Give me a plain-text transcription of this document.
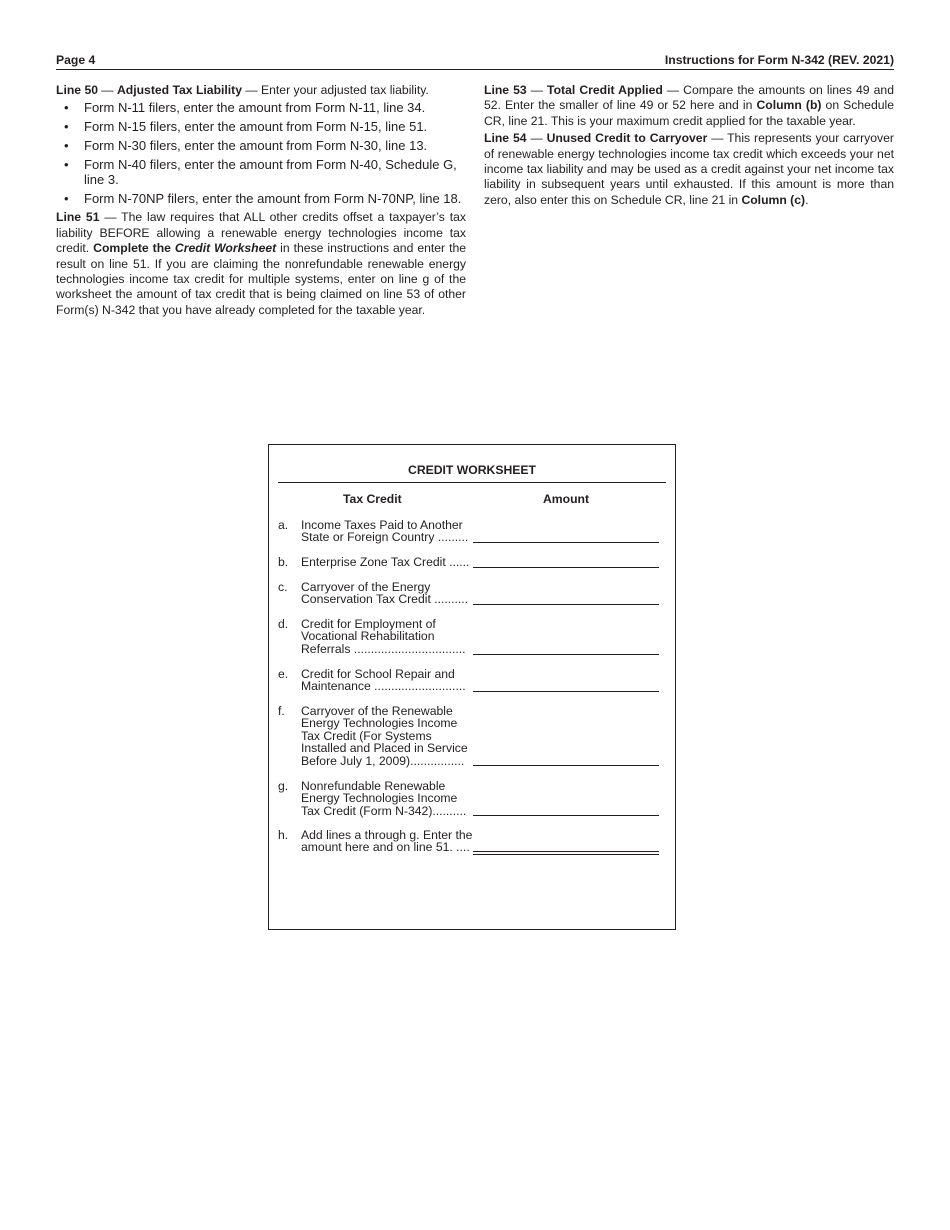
Page 4	Instructions for Form N-342 (REV. 2021)

Line 50 — Adjusted Tax Liability — Enter your adjusted tax liability.

• Form N-11 filers, enter the amount from Form N-11, line 34.
• Form N-15 filers, enter the amount from Form N-15, line 51.
• Form N-30 filers, enter the amount from Form N-30, line 13.
• Form N-40 filers, enter the amount from Form N-40, Schedule G, line 3.
• Form N-70NP filers, enter the amount from Form N-70NP, line 18.

Line 51 — The law requires that ALL other credits offset a taxpayer’s tax liability BEFORE allowing a renewable energy technologies income tax credit. Complete the Credit Worksheet in these instructions and enter the result on line 51. If you are claiming the nonrefundable renewable energy technologies income tax credit for multiple systems, enter on line g of the worksheet the amount of tax credit that is being claimed on line 53 of other Form(s) N-342 that you have already completed for the taxable year.

Line 53 — Total Credit Applied — Compare the amounts on lines 49 and 52. Enter the smaller of line 49 or 52 here and in Column (b) on Schedule CR, line 21. This is your maximum credit applied for the taxable year.

Line 54 — Unused Credit to Carryover — This represents your carryover of renewable energy technologies income tax credit which exceeds your net income tax liability and may be used as a credit against your net income tax liability in subsequent years until exhausted. If this amount is more than zero, also enter this on Schedule CR, line 21 in Column (c).

CREDIT WORKSHEET
Tax Credit	Amount
a. Income Taxes Paid to Another
State or Foreign Country .........
b. Enterprise Zone Tax Credit ......
c. Carryover of the Energy
Conservation Tax Credit ..........
d. Credit for Employment of
Vocational Rehabilitation
Referrals .................................
e. Credit for School Repair and
Maintenance ...........................
f. Carryover of the Renewable
Energy Technologies Income
Tax Credit (For Systems
Installed and Placed in Service
Before July 1, 2009)................
g. Nonrefundable Renewable
Energy Technologies Income
Tax Credit (Form N-342)..........
h. Add lines a through g. Enter the
amount here and on line 51. ....
